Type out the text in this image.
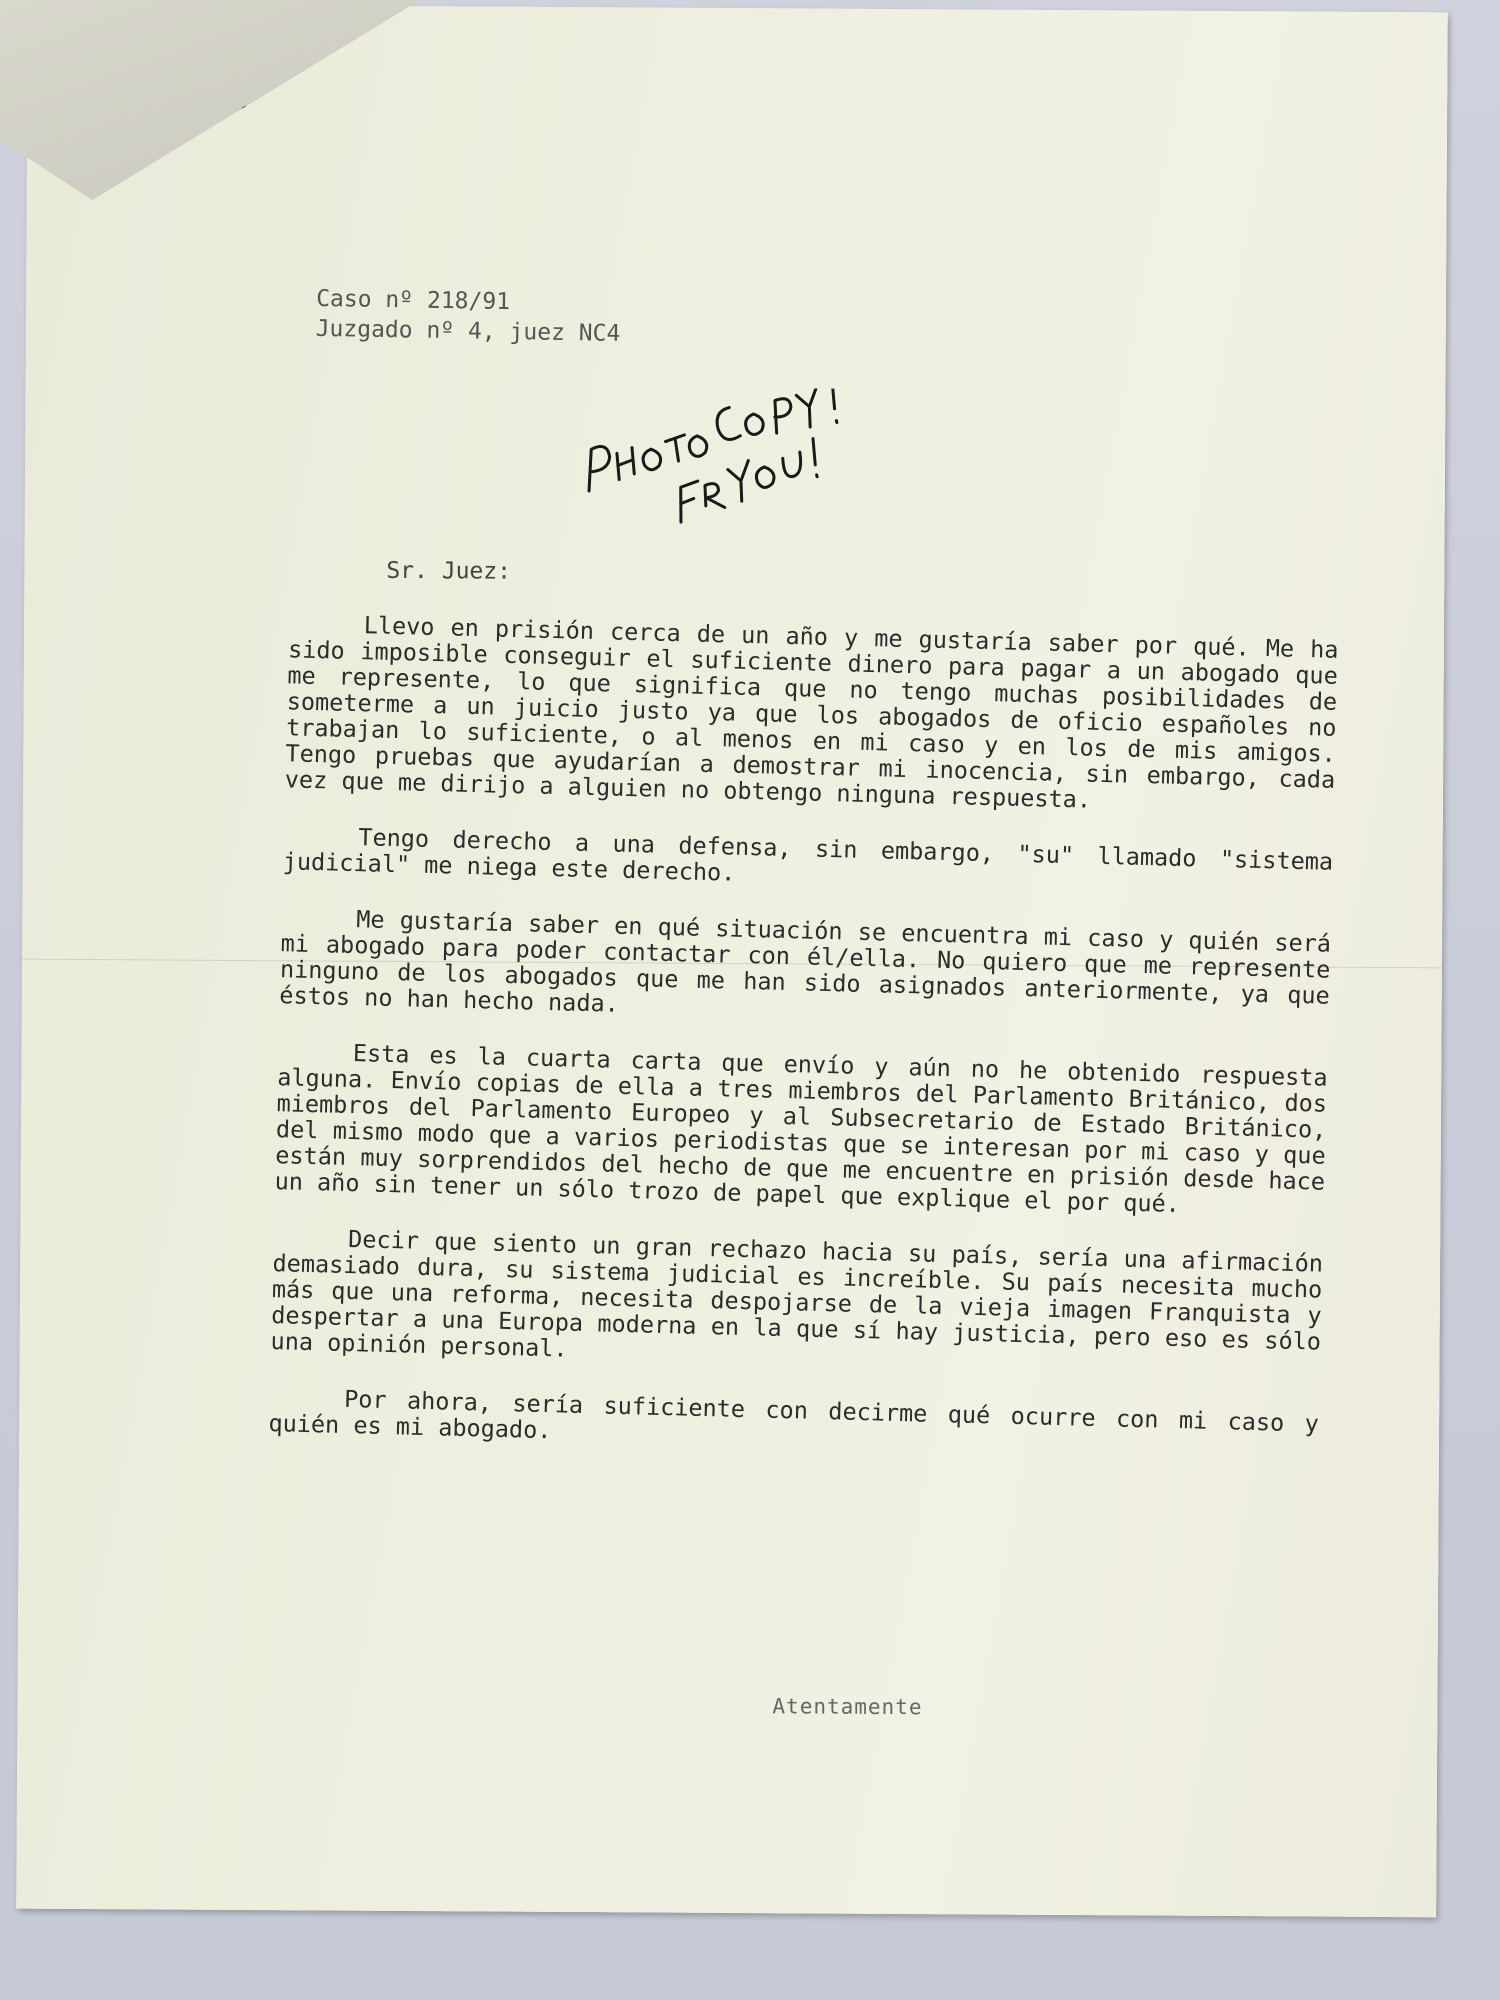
Caso nº 218/91
Juzgado nº 4, juez NC4
Sr. Juez:

Llevo en prisión cerca de un año y me gustaría saber por qué. Me ha sido imposible conseguir el suficiente dinero para pagar a un abogado que me represente, lo que significa que no tengo muchas posibilidades de someterme a un juicio justo ya que los abogados de oficio españoles no trabajan lo suficiente, o al menos en mi caso y en los de mis amigos. Tengo pruebas que ayudarían a demostrar mi inocencia, sin embargo, cada vez que me dirijo a alguien no obtengo ninguna respuesta.

Tengo derecho a una defensa, sin embargo, "su" llamado "sistema judicial" me niega este derecho.

Me gustaría saber en qué situación se encuentra mi caso y quién será mi abogado para poder contactar con él/ella. No quiero que me represente ninguno de los abogados que me han sido asignados anteriormente, ya que éstos no han hecho nada.

Esta es la cuarta carta que envío y aún no he obtenido respuesta alguna. Envío copias de ella a tres miembros del Parlamento Británico, dos miembros del Parlamento Europeo y al Subsecretario de Estado Británico, del mismo modo que a varios periodistas que se interesan por mi caso y que están muy sorprendidos del hecho de que me encuentre en prisión desde hace un año sin tener un sólo trozo de papel que explique el por qué.

Decir que siento un gran rechazo hacia su país, sería una afirmación demasiado dura, su sistema judicial es increíble. Su país necesita mucho más que una reforma, necesita despojarse de la vieja imagen Franquista y despertar a una Europa moderna en la que sí hay justicia, pero eso es sólo una opinión personal.

Por ahora, sería suficiente con decirme qué ocurre con mi caso y quién es mi abogado.

Atentamente
